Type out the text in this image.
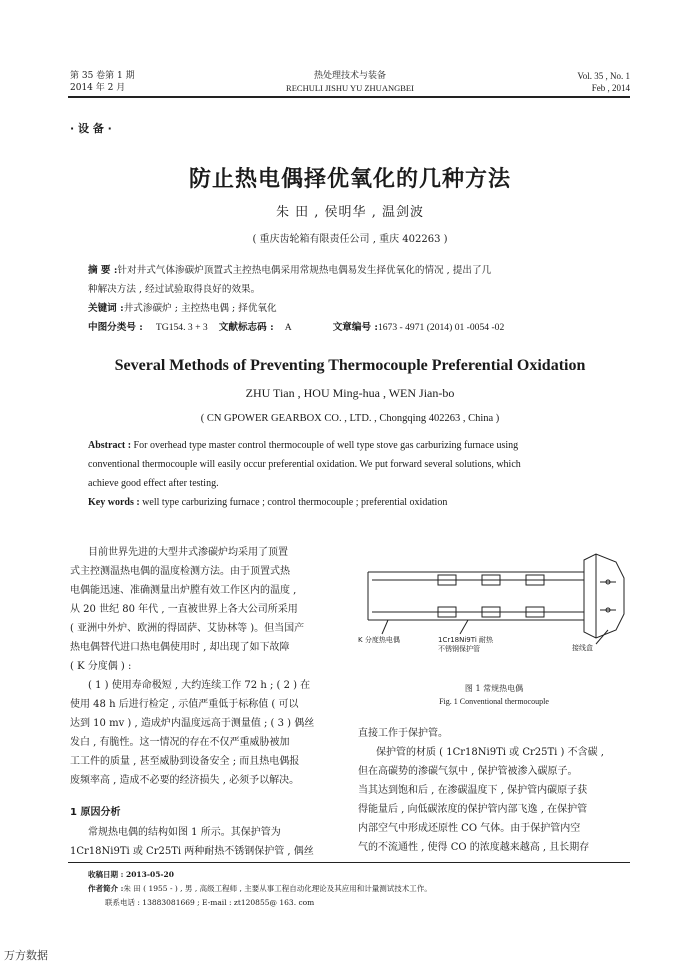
第 35 卷第 1 期
2014 年 2 月
热处理技术与装备
RECHULI JISHU YU ZHUANGBEI
Vol. 35 , No. 1
Feb , 2014
· 设 备 ·
防止热电偶择优氧化的几种方法
朱 田 , 侯明华 , 温剑波
( 重庆齿轮箱有限责任公司 , 重庆 402263 )
摘 要 :针对井式气体渗碳炉顶置式主控热电偶采用常规热电偶易发生择优氧化的情况 , 提出了几
种解决方法 , 经过试验取得良好的效果。
关键词 :井式渗碳炉 ; 主控热电偶 ; 择优氧化
中图分类号 : TG154. 3 + 3 文献标志码 : A	文章编号 :1673 - 4971 (2014) 01 -0054 -02
Several Methods of Preventing Thermocouple Preferential Oxidation
ZHU Tian , HOU Ming-hua , WEN Jian-bo
( CN GPOWER GEARBOX CO. , LTD. , Chongqing 402263 , China )
Abstract : For overhead type master control thermocouple of well type stove gas carburizing furnace using
conventional thermocouple will easily occur preferential oxidation. We put forward several solutions, which
achieve good effect after testing.
Key words : well type carburizing furnace ; control thermocouple ; preferential oxidation
目前世界先进的大型井式渗碳炉均采用了顶置
式主控测温热电偶的温度检测方法。由于顶置式热
电偶能迅速、准确测量出炉膛有效工作区内的温度 ,
从 20 世纪 80 年代 , 一直被世界上各大公司所采用
( 亚洲中外炉、欧洲的得固萨、艾协林等 )。但当国产
热电偶替代进口热电偶使用时 , 却出现了如下故障
( K 分度偶 ) :
( 1 ) 使用寿命极短 , 大约连续工作 72 h ; ( 2 ) 在
使用 48 h 后进行检定 , 示值严重低于标称值 ( 可以
达到 10 mv ) , 造成炉内温度远高于测量值 ; ( 3 ) 偶丝
发白 , 有脆性。这一情况的存在不仅严重威胁被加
工工件的质量 , 甚至威胁到设备安全 ; 而且热电偶报
废频率高 , 造成不必要的经济损失 , 必须予以解决。
1 原因分析
常规热电偶的结构如图 1 所示。其保护管为
1Cr18Ni9Ti 或 Cr25Ti 两种耐热不锈钢保护管 , 偶丝
K 分度热电偶	1Cr18Ni9Ti 耐热
不锈钢保护管	接线盒
图 1 常规热电偶
Fig. 1 Conventional thermocouple
直接工作于保护管。
保护管的材质 ( 1Cr18Ni9Ti 或 Cr25Ti ) 不含碳 ,
但在高碳势的渗碳气氛中 , 保护管被渗入碳原子。
当其达到饱和后 , 在渗碳温度下 , 保护管内碳原子获
得能量后 , 向低碳浓度的保护管内部飞逸 , 在保护管
内部空气中形成还原性 CO 气体。由于保护管内空
气的不流通性 , 使得 CO 的浓度越来越高 , 且长期存
收稿日期 : 2013-05-20
作者简介 :朱 田 ( 1955 - ) , 男 , 高级工程师 , 主要从事工程自动化理论及其应用和计量测试技术工作。
联系电话 : 13883081669 ; E-mail : zt120855@ 163. com
万方数据
